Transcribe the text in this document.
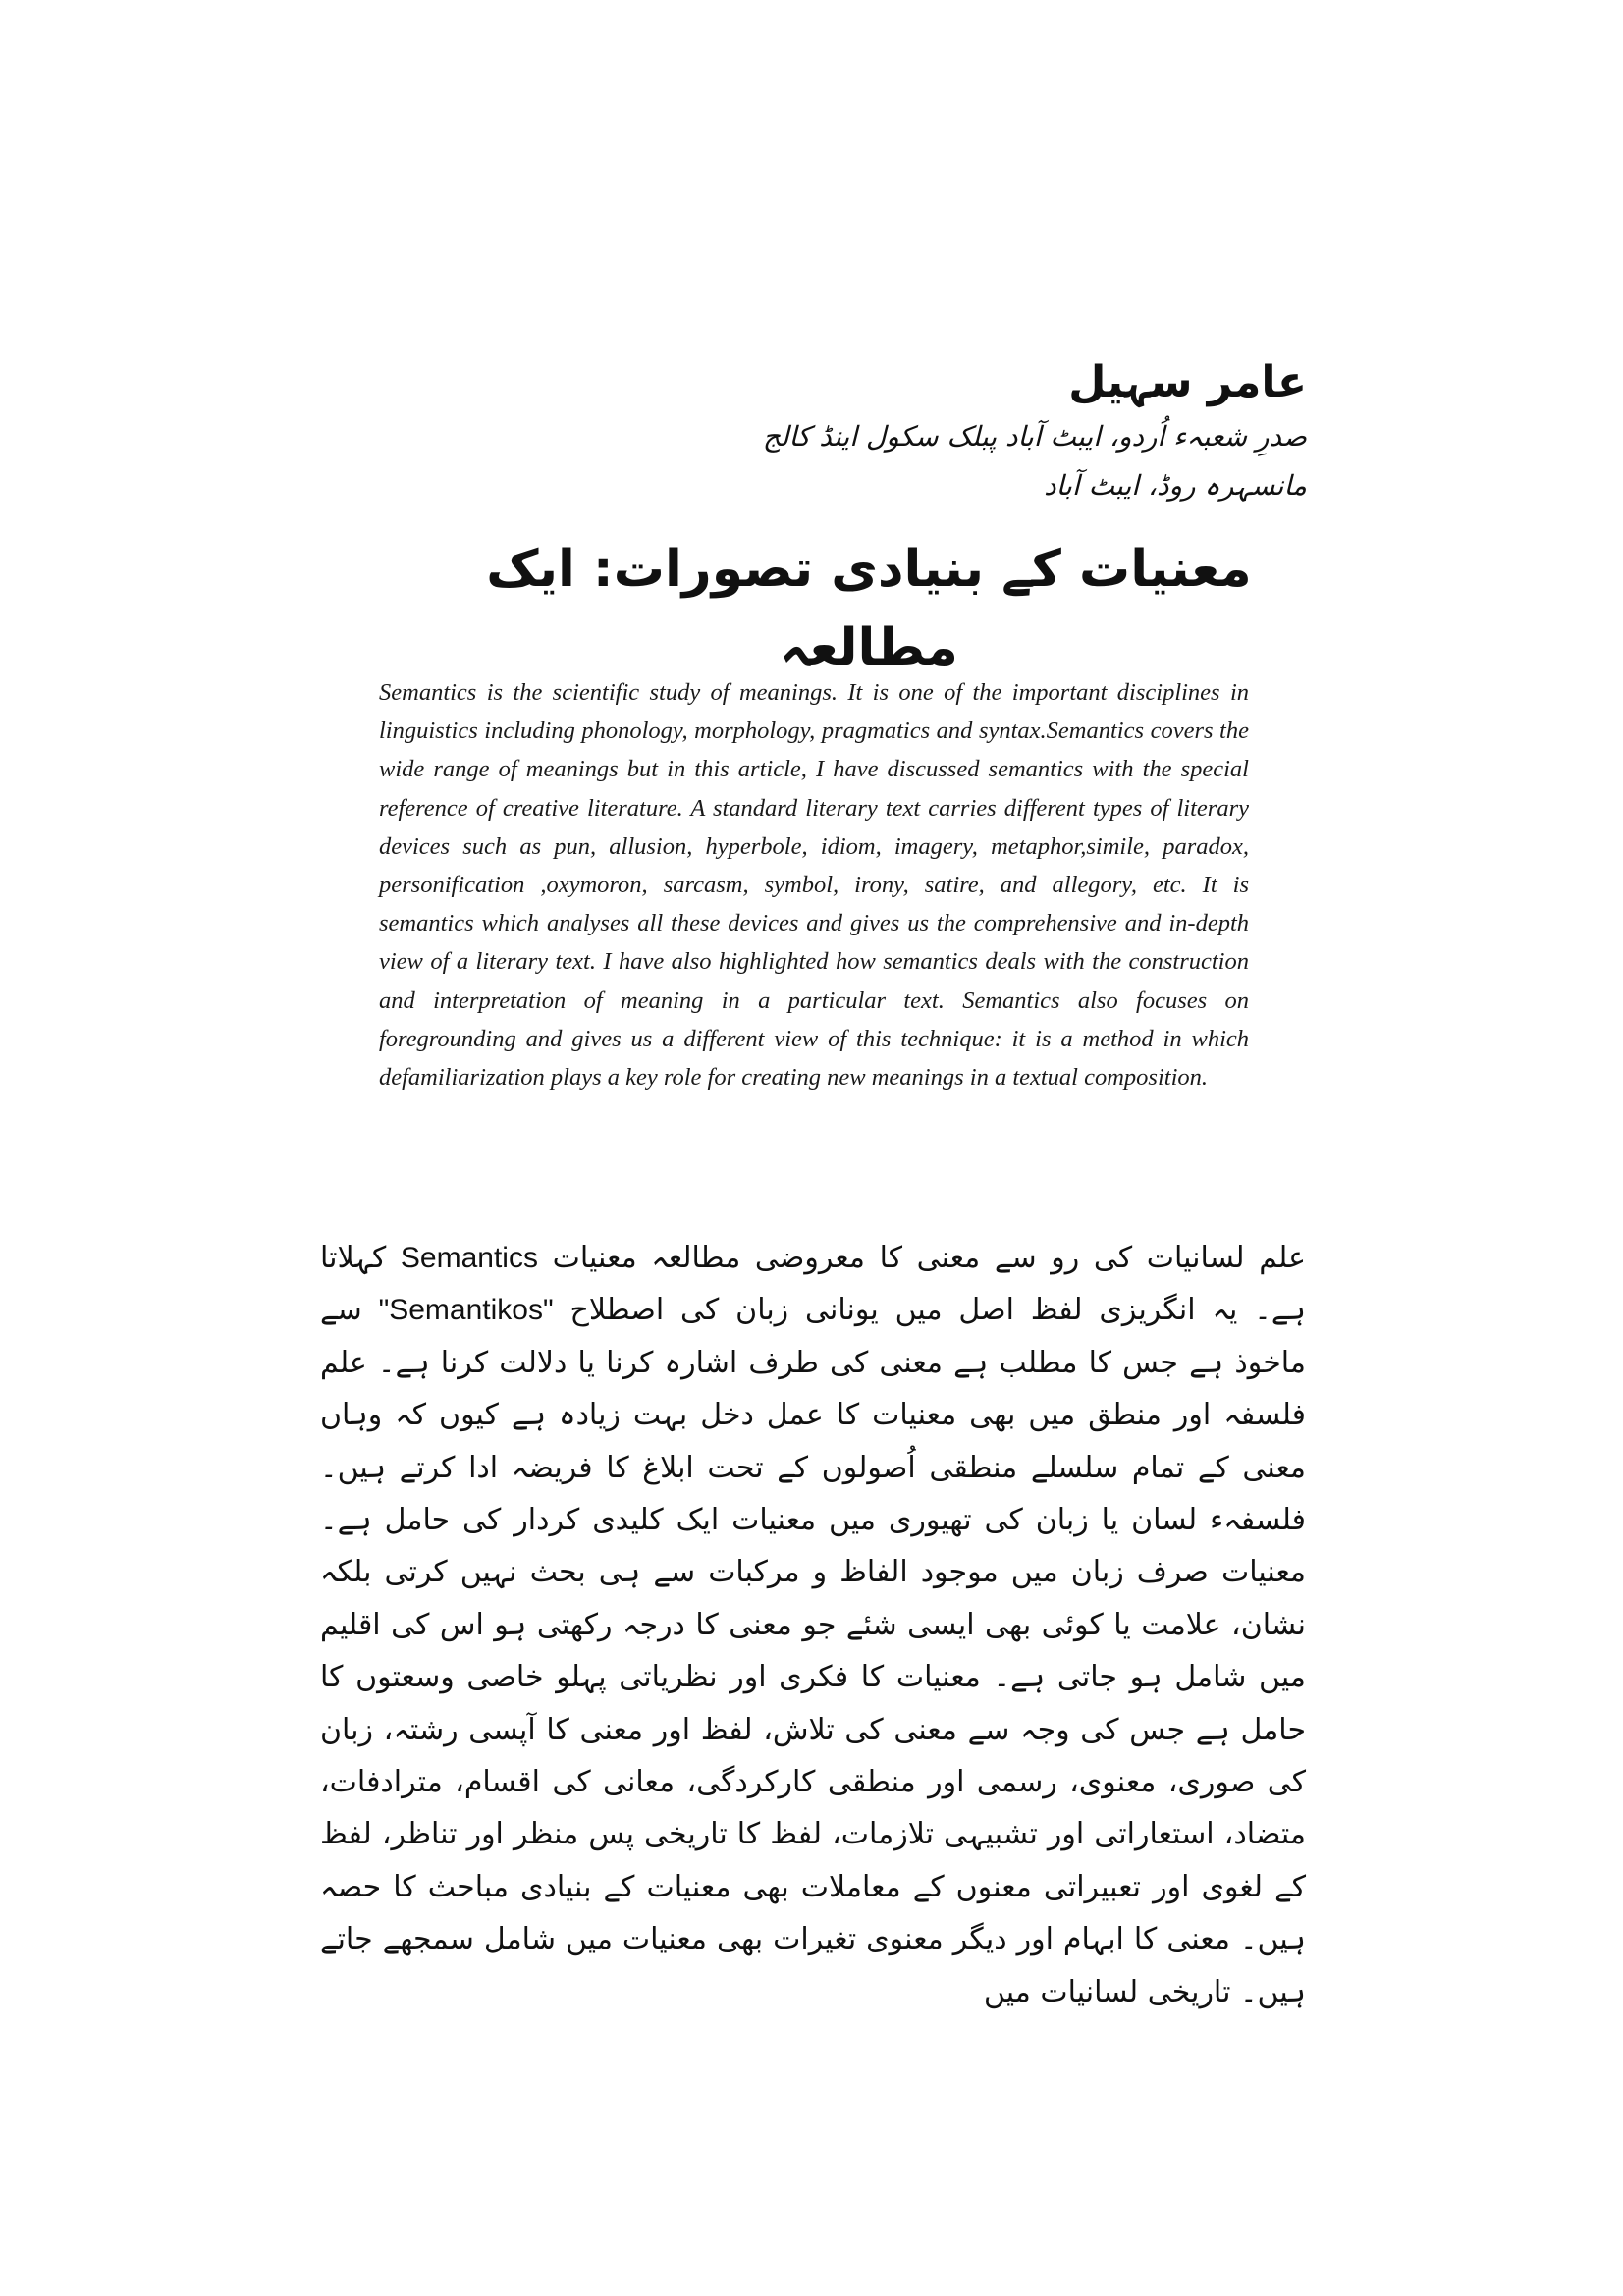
عامر سہیل
صدرِ شعبہء اُردو، ایبٹ آباد پبلک سکول اینڈ کالج
مانسہرہ روڈ، ایبٹ آباد
معنیات کے بنیادی تصورات: ایک مطالعہ

Semantics is the scientific study of meanings. It is one of the important disciplines in linguistics including phonology, morphology, pragmatics and syntax.Semantics covers the wide range of meanings but in this article, I have discussed semantics with the special reference of creative literature. A standard literary text carries different types of literary devices such as pun, allusion, hyperbole, idiom, imagery, metaphor,simile, paradox, personification ,oxymoron, sarcasm, symbol, irony, satire, and allegory, etc. It is semantics which analyses all these devices and gives us the comprehensive and in-depth view of a literary text. I have also highlighted how semantics deals with the construction and interpretation of meaning in a particular text. Semantics also focuses on foregrounding and gives us a different view of this technique: it is a method in which defamiliarization plays a key role for creating new meanings in a textual composition.

علم لسانیات کی رو سے معنی کا معروضی مطالعہ معنیات Semantics کہلاتا ہے۔ یہ انگریزی لفظ اصل میں یونانی زبان کی اصطلاح "Semantikos" سے ماخوذ ہے جس کا مطلب ہے معنی کی طرف اشارہ کرنا یا دلالت کرنا ہے۔ علم فلسفہ اور منطق میں بھی معنیات کا عمل دخل بہت زیادہ ہے کیوں کہ وہاں معنی کے تمام سلسلے منطقی اُصولوں کے تحت ابلاغ کا فریضہ ادا کرتے ہیں۔ فلسفہء لسان یا زبان کی تھیوری میں معنیات ایک کلیدی کردار کی حامل ہے۔ معنیات صرف زبان میں موجود الفاظ و مرکبات سے ہی بحث نہیں کرتی بلکہ نشان، علامت یا کوئی بھی ایسی شئے جو معنی کا درجہ رکھتی ہو اس کی اقلیم میں شامل ہو جاتی ہے۔ معنیات کا فکری اور نظریاتی پہلو خاصی وسعتوں کا حامل ہے جس کی وجہ سے معنی کی تلاش، لفظ اور معنی کا آپسی رشتہ، زبان کی صوری، معنوی، رسمی اور منطقی کارکردگی، معانی کی اقسام، مترادفات، متضاد، استعاراتی اور تشبیہی تلازمات، لفظ کا تاریخی پس منظر اور تناظر، لفظ کے لغوی اور تعبیراتی معنوں کے معاملات بھی معنیات کے بنیادی مباحث کا حصہ ہیں۔ معنی کا ابہام اور دیگر معنوی تغیرات بھی معنیات میں شامل سمجھے جاتے ہیں۔ تاریخی لسانیات میں
